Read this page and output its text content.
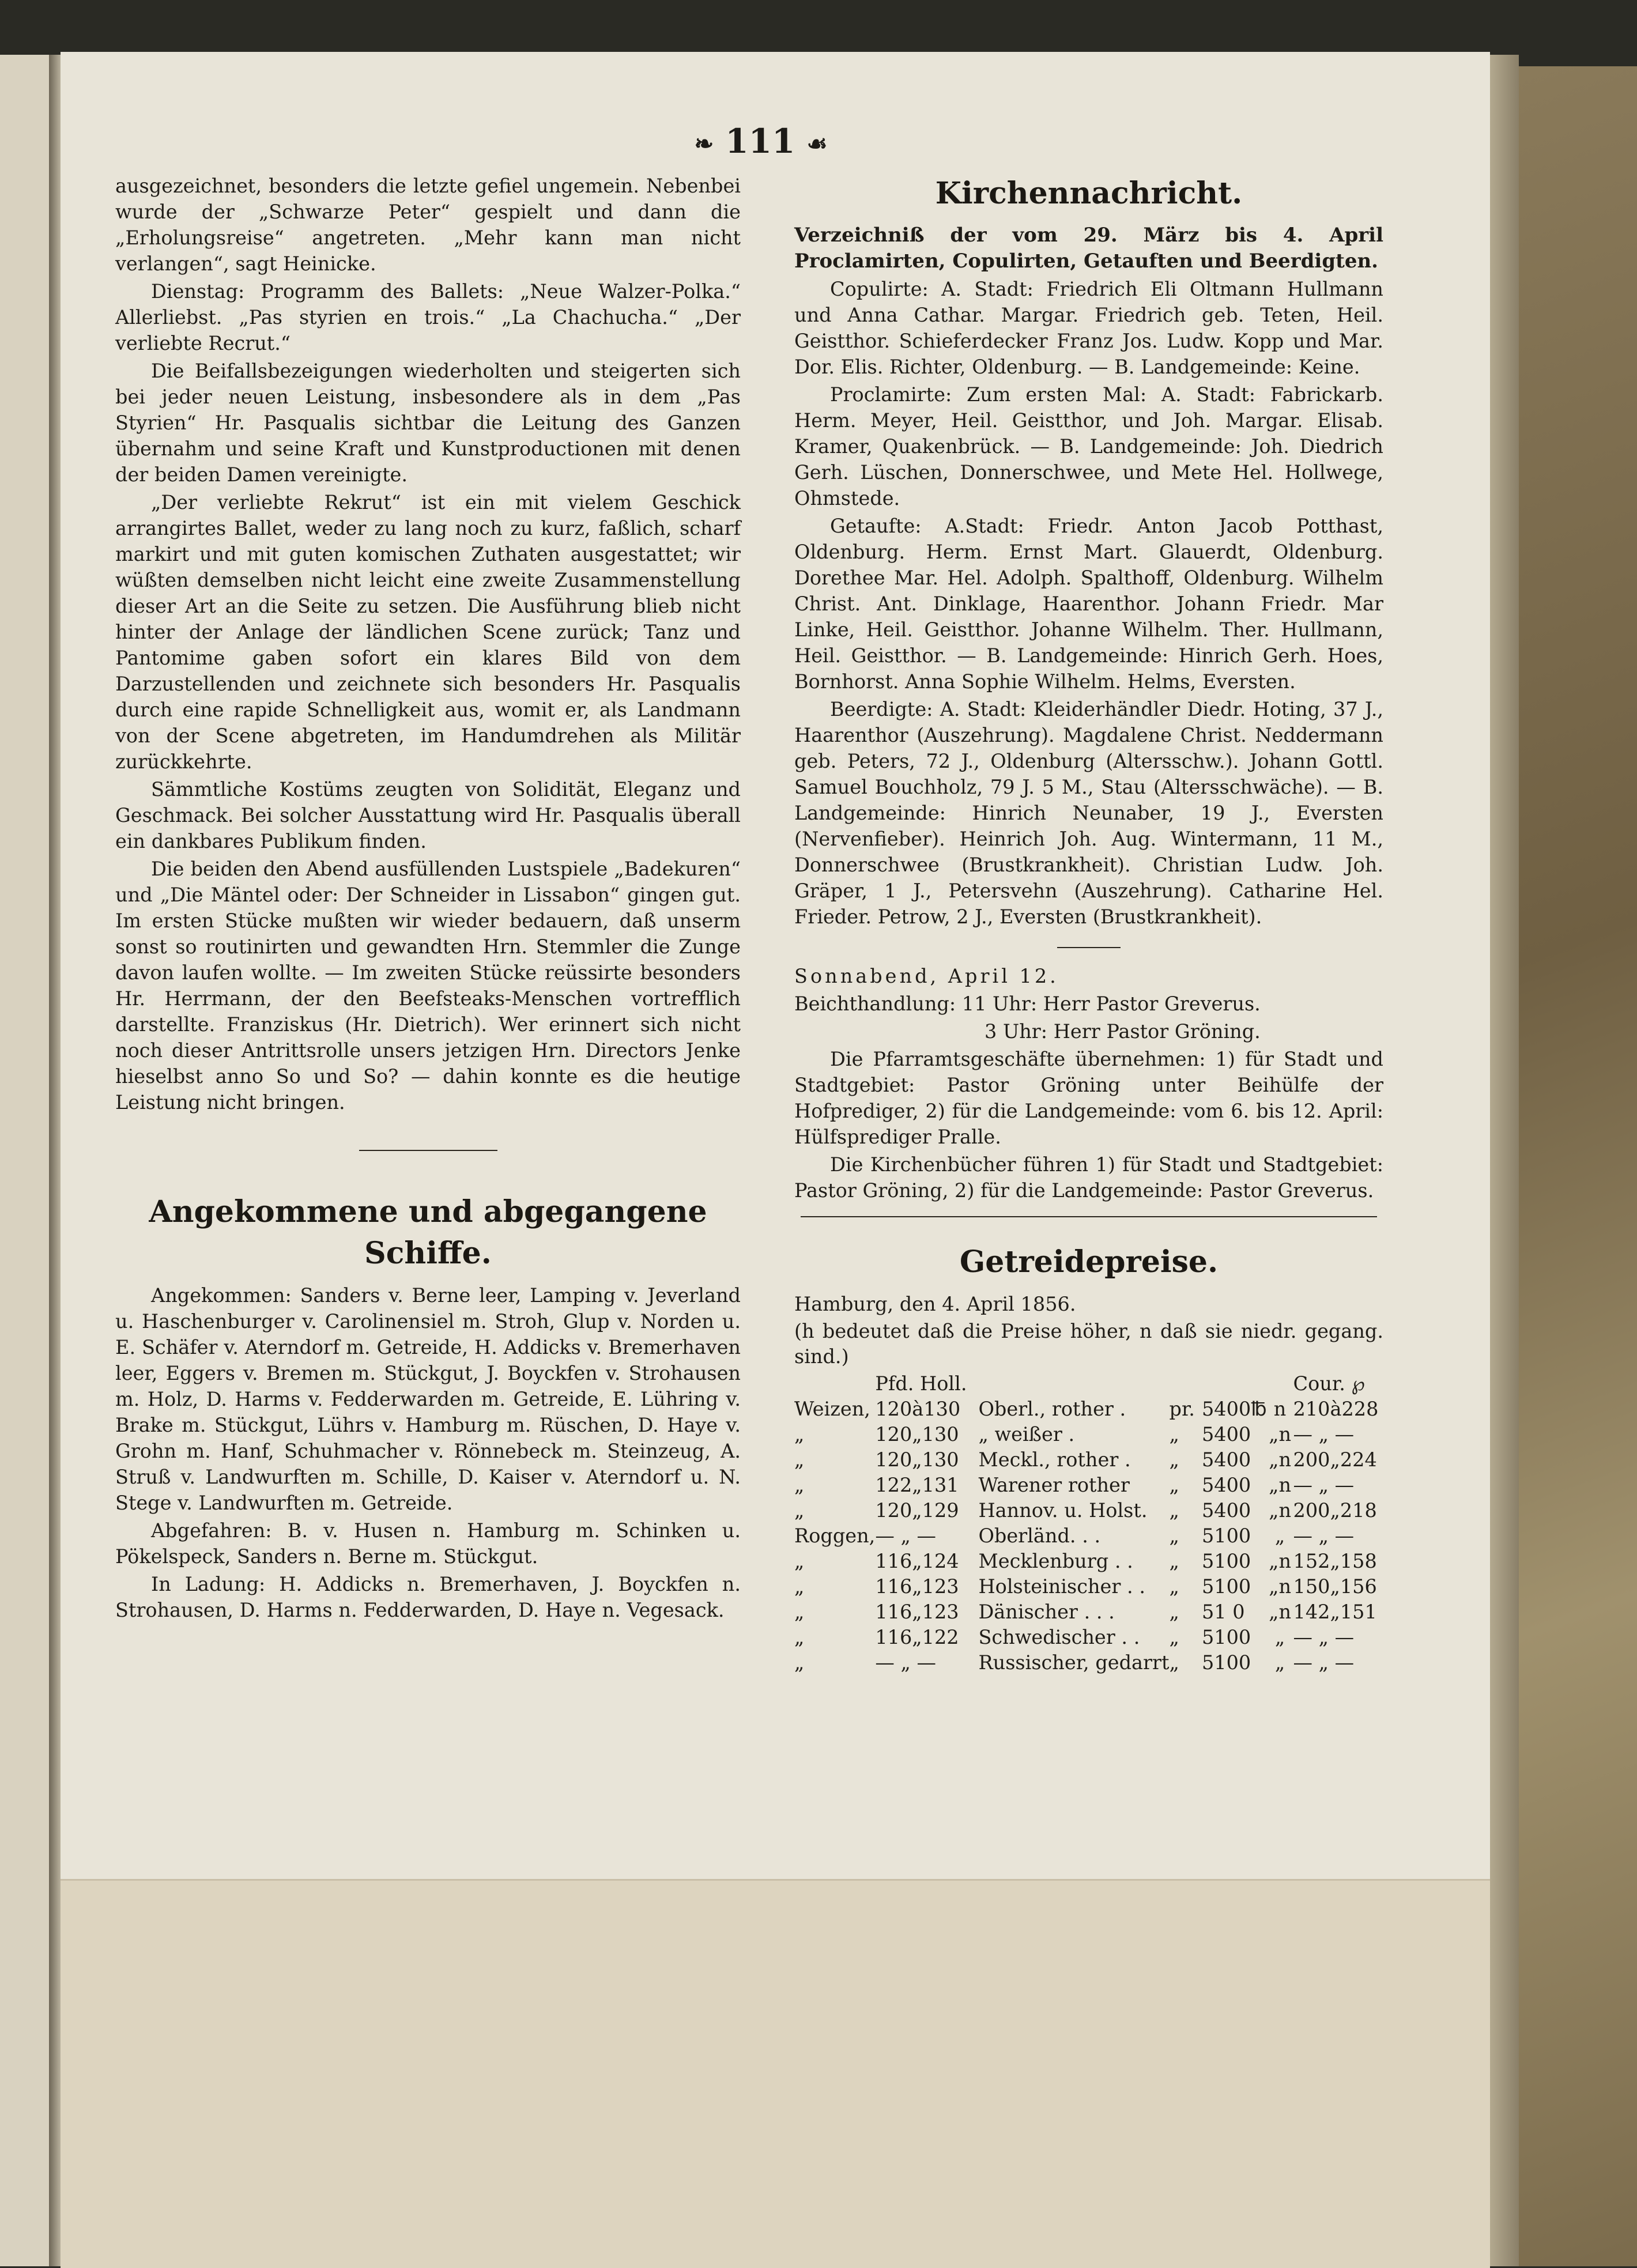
❧ 111 ☙

ausgezeichnet, besonders die letzte gefiel ungemein. Nebenbei wurde der „Schwarze Peter“ gespielt und dann die „Erholungsreise“ angetreten. „Mehr kann man nicht verlangen“, sagt Heinicke.

Dienstag: Programm des Ballets: „Neue Walzer-Polka.“ Allerliebst. „Pas styrien en trois.“ „La Chachucha.“ „Der verliebte Recrut.“

Die Beifallsbezeigungen wiederholten und steigerten sich bei jeder neuen Leistung, insbesondere als in dem „Pas Styrien“ Hr. Pasqualis sichtbar die Leitung des Ganzen übernahm und seine Kraft und Kunstproductionen mit denen der beiden Damen vereinigte.

„Der verliebte Rekrut“ ist ein mit vielem Geschick arrangirtes Ballet, weder zu lang noch zu kurz, faßlich, scharf markirt und mit guten komischen Zuthaten ausgestattet; wir wüßten demselben nicht leicht eine zweite Zusammenstellung dieser Art an die Seite zu setzen. Die Ausführung blieb nicht hinter der Anlage der ländlichen Scene zurück; Tanz und Pantomime gaben sofort ein klares Bild von dem Darzustellenden und zeichnete sich besonders Hr. Pasqualis durch eine rapide Schnelligkeit aus, womit er, als Landmann von der Scene abgetreten, im Handumdrehen als Militär zurückkehrte.

Sämmtliche Kostüms zeugten von Solidität, Eleganz und Geschmack. Bei solcher Ausstattung wird Hr. Pasqualis überall ein dankbares Publikum finden.

Die beiden den Abend ausfüllenden Lustspiele „Badekuren“ und „Die Mäntel oder: Der Schneider in Lissabon“ gingen gut. Im ersten Stücke mußten wir wieder bedauern, daß unserm sonst so routinirten und gewandten Hrn. Stemmler die Zunge davon laufen wollte. — Im zweiten Stücke reüssirte besonders Hr. Herrmann, der den Beefsteaks-Menschen vortrefflich darstellte. Franziskus (Hr. Dietrich). Wer erinnert sich nicht noch dieser Antrittsrolle unsers jetzigen Hrn. Directors Jenke hieselbst anno So und So? — dahin konnte es die heutige Leistung nicht bringen.

Angekommene und abgegangene Schiffe.

Angekommen: Sanders v. Berne leer, Lamping v. Jeverland u. Haschenburger v. Carolinensiel m. Stroh, Glup v. Norden u. E. Schäfer v. Aterndorf m. Getreide, H. Addicks v. Bremerhaven leer, Eggers v. Bremen m. Stückgut, J. Boyckfen v. Strohausen m. Holz, D. Harms v. Fedderwarden m. Getreide, E. Lühring v. Brake m. Stückgut, Lührs v. Hamburg m. Rüschen, D. Haye v. Grohn m. Hanf, Schuhmacher v. Rönnebeck m. Steinzeug, A. Struß v. Landwurften m. Schille, D. Kaiser v. Aterndorf u. N. Stege v. Landwurften m. Getreide.

Abgefahren: B. v. Husen n. Hamburg m. Schinken u. Pökelspeck, Sanders n. Berne m. Stückgut.

In Ladung: H. Addicks n. Bremerhaven, J. Boyckfen n. Strohausen, D. Harms n. Fedderwarden, D. Haye n. Vegesack.

Kirchennachricht.

Verzeichniß der vom 29. März bis 4. April Proclamirten, Copulirten, Getauften und Beerdigten.

Copulirte: A. Stadt: Friedrich Eli Oltmann Hullmann und Anna Cathar. Margar. Friedrich geb. Teten, Heil. Geistthor. Schieferdecker Franz Jos. Ludw. Kopp und Mar. Dor. Elis. Richter, Oldenburg. — B. Landgemeinde: Keine.

Proclamirte: Zum ersten Mal: A. Stadt: Fabrickarb. Herm. Meyer, Heil. Geistthor, und Joh. Margar. Elisab. Kramer, Quakenbrück. — B. Landgemeinde: Joh. Diedrich Gerh. Lüschen, Donnerschwee, und Mete Hel. Hollwege, Ohmstede.

Getaufte: A.Stadt: Friedr. Anton Jacob Potthast, Oldenburg. Herm. Ernst Mart. Glauerdt, Oldenburg. Dorethee Mar. Hel. Adolph. Spalthoff, Oldenburg. Wilhelm Christ. Ant. Dinklage, Haarenthor. Johann Friedr. Mar Linke, Heil. Geistthor. Johanne Wilhelm. Ther. Hullmann, Heil. Geistthor. — B. Landgemeinde: Hinrich Gerh. Hoes, Bornhorst. Anna Sophie Wilhelm. Helms, Eversten.

Beerdigte: A. Stadt: Kleiderhändler Diedr. Hoting, 37 J., Haarenthor (Auszehrung). Magdalene Christ. Neddermann geb. Peters, 72 J., Oldenburg (Altersschw.). Johann Gottl. Samuel Bouchholz, 79 J. 5 M., Stau (Altersschwäche). — B. Landgemeinde: Hinrich Neunaber, 19 J., Eversten (Nervenfieber). Heinrich Joh. Aug. Wintermann, 11 M., Donnerschwee (Brustkrankheit). Christian Ludw. Joh. Gräper, 1 J., Petersvehn (Auszehrung). Catharine Hel. Frieder. Petrow, 2 J., Eversten (Brustkrankheit).

Sonnabend, April 12.

Beichthandlung: 11 Uhr: Herr Pastor Greverus.

3 Uhr: Herr Pastor Gröning.

Die Pfarramtsgeschäfte übernehmen: 1) für Stadt und Stadtgebiet: Pastor Gröning unter Beihülfe der Hofprediger, 2) für die Landgemeinde: vom 6. bis 12. April: Hülfsprediger Pralle.

Die Kirchenbücher führen 1) für Stadt und Stadtgebiet: Pastor Gröning, 2) für die Landgemeinde: Pastor Greverus.

Getreidepreise.

Hamburg, den 4. April 1856.

(h bedeutet daß die Preise höher, n daß sie niedr. gegang. sind.)

	Pfd. Holl.					Cour. ℘
Weizen,	120à130	Oberl., rother .	pr.	5400℔	n	210à228
„	120„130	„ weißer .	„	5400	„n	— „ —
„	120„130	Meckl., rother .	„	5400	„n	200„224
„	122„131	Warener rother	„	5400	„n	— „ —
„	120„129	Hannov. u. Holst.	„	5400	„n	200„218
Roggen,	— „ —	Oberländ. . .	„	5100	„	— „ —
„	116„124	Mecklenburg . .	„	5100	„n	152„158
„	116„123	Holsteinischer . .	„	5100	„n	150„156
„	116„123	Dänischer . . .	„	51 0	„n	142„151
„	116„122	Schwedischer . .	„	5100	„	— „ —
„	— „ —	Russischer, gedarrt	„	5100	„	— „ —
